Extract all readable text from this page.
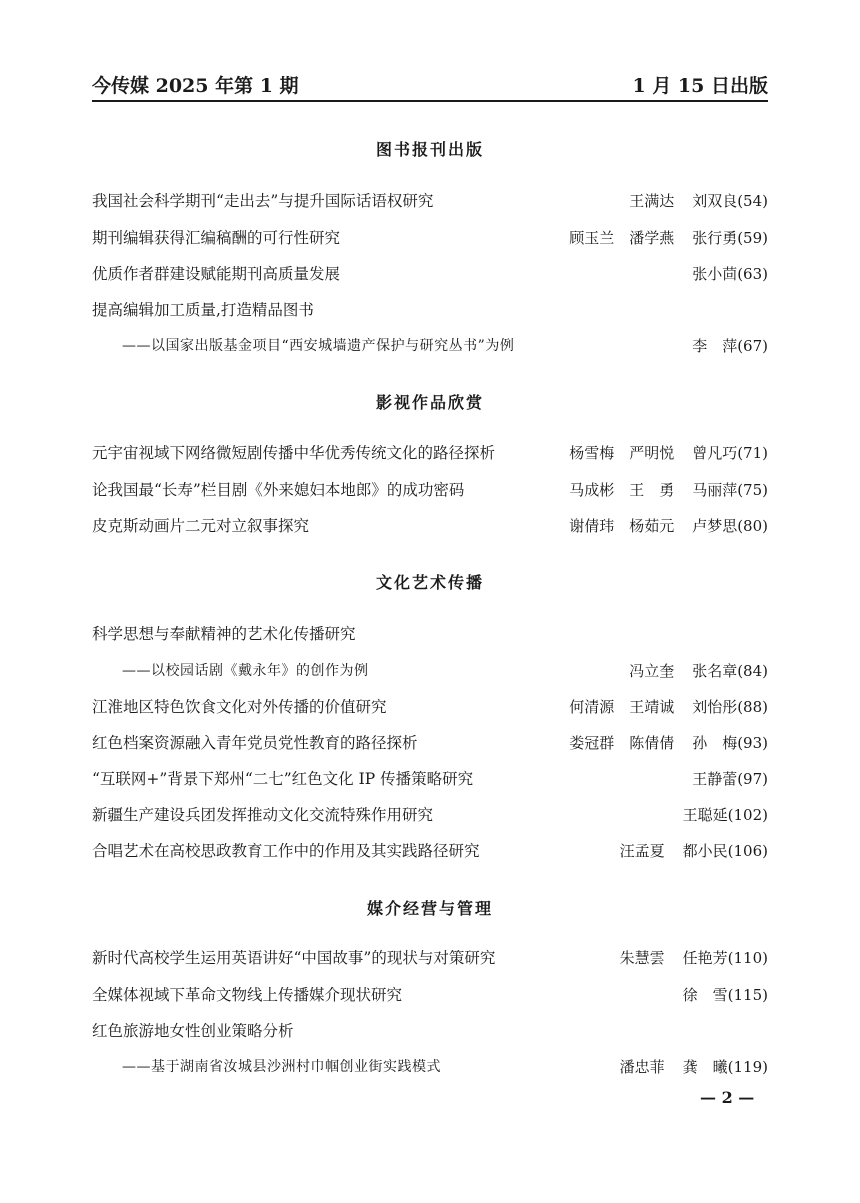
今传媒 2025 年第 1 期	1 月 15 日出版
图书报刊出版
我国社会科学期刊“走出去”与提升国际话语权研究	王满达 刘双良(54)
期刊编辑获得汇编稿酬的可行性研究	顾玉兰　潘学燕 张行勇(59)
优质作者群建设赋能期刊高质量发展	张小茴(63)
提高编辑加工质量,打造精品图书
——以国家出版基金项目“西安城墙遗产保护与研究丛书”为例	李　萍(67)
影视作品欣赏
元宇宙视域下网络微短剧传播中华优秀传统文化的路径探析	杨雪梅　严明悦 曾凡巧(71)
论我国最“长寿”栏目剧《外来媳妇本地郎》的成功密码	马成彬　王　勇 马丽萍(75)
皮克斯动画片二元对立叙事探究	谢倩玮　杨茹元 卢梦思(80)
文化艺术传播
科学思想与奉献精神的艺术化传播研究
——以校园话剧《戴永年》的创作为例	冯立奎 张名章(84)
江淮地区特色饮食文化对外传播的价值研究	何清源　王靖诚 刘怡彤(88)
红色档案资源融入青年党员党性教育的路径探析	娄冠群　陈倩倩 孙　梅(93)
“互联网+”背景下郑州“二七”红色文化 IP 传播策略研究	王静蕾(97)
新疆生产建设兵团发挥推动文化交流特殊作用研究	王聪延(102)
合唱艺术在高校思政教育工作中的作用及其实践路径研究	汪孟夏 都小民(106)
媒介经营与管理
新时代高校学生运用英语讲好“中国故事”的现状与对策研究	朱慧雲 任艳芳(110)
全媒体视域下革命文物线上传播媒介现状研究	徐　雪(115)
红色旅游地女性创业策略分析
——基于湖南省汝城县沙洲村巾帼创业街实践模式	潘忠菲 龚　曦(119)
— 2 —
